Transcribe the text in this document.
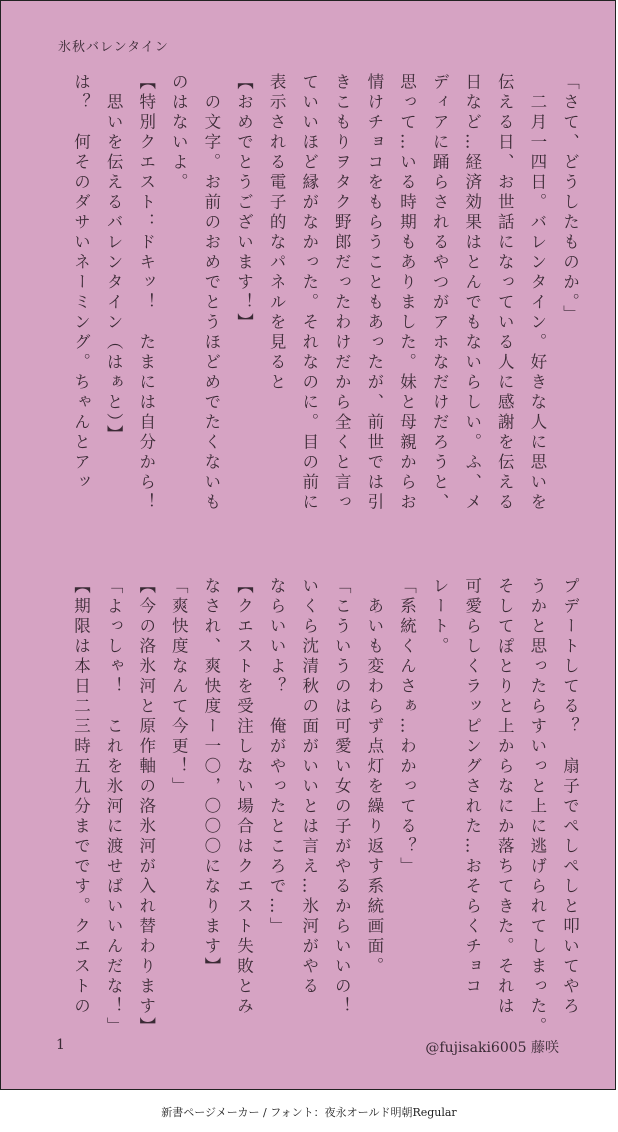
氷秋バレンタイン
「さて、どうしたものか。」
　二月一四日。バレンタイン。好きな人に思いを
伝える日、お世話になっている人に感謝を伝える
日など…経済効果はとんでもないらしい。ふ、メ
ディアに踊らされるやつがアホなだけだろうと、
思って…いる時期もありました。妹と母親からお
情けチョコをもらうこともあったが、前世では引
きこもりヲタク野郎だったわけだから全くと言っ
ていいほど縁がなかった。それなのに。目の前に
表示される電子的なパネルを見ると
【おめでとうございます！】
　の文字。お前のおめでとうほどめでたくないも
のはないよ。
【特別クエスト：ドキッ！　たまには自分から！
　思いを伝えるバレンタイン（はぁと）】
は？　何そのダサいネーミング。ちゃんとアッ
プデートしてる？　扇子でぺしぺしと叩いてやろ
うかと思ったらすいっと上に逃げられてしまった。
そしてぽとりと上からなにか落ちてきた。それは
可愛らしくラッピングされた…おそらくチョコ
レート。
「系統くんさぁ…わかってる？」
　あいも変わらず点灯を繰り返す系統画面。
「こういうのは可愛い女の子がやるからいいの！
いくら沈清秋の面がいいとは言え…氷河がやる
ならいいよ？　俺がやったところで…」
【クエストを受注しない場合はクエスト失敗とみ
なされ、爽快度ー一〇，〇〇〇になります】
「爽快度なんて今更！」
【今の洛氷河と原作軸の洛氷河が入れ替わります】
「よっしゃ！　これを氷河に渡せばいいんだな！」
【期限は本日二三時五九分までです。クエストの
1	@fujisaki6005 藤咲
新書ページメーカー / フォント：夜永オールド明朝Regular
